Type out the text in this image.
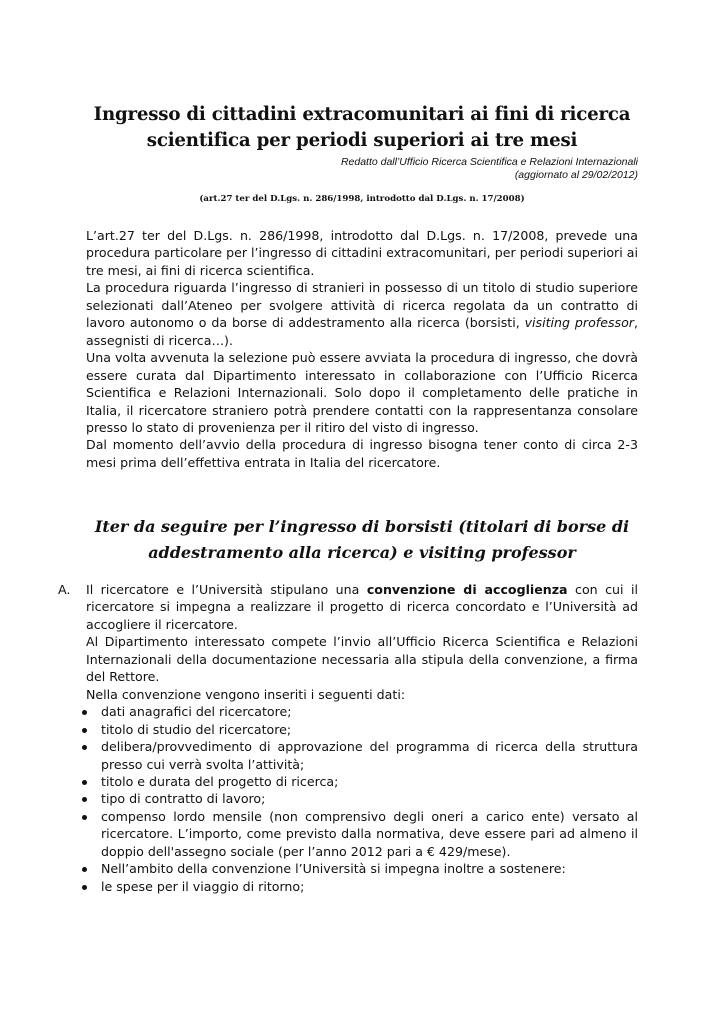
Ingresso di cittadini extracomunitari ai fini di ricerca
scientifica per periodi superiori ai tre mesi
Redatto dall’Ufficio Ricerca Scientifica e Relazioni Internazionali
(aggiornato al 29/02/2012)
(art.27 ter del D.Lgs. n. 286/1998, introdotto dal D.Lgs. n. 17/2008)

L’art.27 ter del D.Lgs. n. 286/1998, introdotto dal D.Lgs. n. 17/2008, prevede una procedura particolare per l’ingresso di cittadini extracomunitari, per periodi superiori ai tre mesi, ai fini di ricerca scientifica.

La procedura riguarda l’ingresso di stranieri in possesso di un titolo di studio superiore selezionati dall’Ateneo per svolgere attività di ricerca regolata da un contratto di lavoro autonomo o da borse di addestramento alla ricerca (borsisti, visiting professor, assegnisti di ricerca…).

Una volta avvenuta la selezione può essere avviata la procedura di ingresso, che dovrà essere curata dal Dipartimento interessato in collaborazione con l’Ufficio Ricerca Scientifica e Relazioni Internazionali. Solo dopo il completamento delle pratiche in Italia, il ricercatore straniero potrà prendere contatti con la rappresentanza consolare presso lo stato di provenienza per il ritiro del visto di ingresso.

Dal momento dell’avvio della procedura di ingresso bisogna tener conto di circa 2-3 mesi prima dell’effettiva entrata in Italia del ricercatore.

Iter da seguire per l’ingresso di borsisti (titolari di borse di
addestramento alla ricerca) e visiting professor
A.	Il ricercatore e l’Università stipulano una convenzione di accoglienza con cui il ricercatore si impegna a realizzare il progetto di ricerca concordato e l’Università ad accogliere il ricercatore.

Al Dipartimento interessato compete l’invio all’Ufficio Ricerca Scientifica e Relazioni Internazionali della documentazione necessaria alla stipula della convenzione, a firma del Rettore.

Nella convenzione vengono inseriti i seguenti dati:

dati anagrafici del ricercatore;
titolo di studio del ricercatore;
delibera/provvedimento di approvazione del programma di ricerca della struttura presso cui verrà svolta l’attività;
titolo e durata del progetto di ricerca;
tipo di contratto di lavoro;
compenso lordo mensile (non comprensivo degli oneri a carico ente) versato al ricercatore. L’importo, come previsto dalla normativa, deve essere pari ad almeno il doppio dell'assegno sociale (per l’anno 2012 pari a € 429/mese).
Nell’ambito della convenzione l’Università si impegna inoltre a sostenere:
le spese per il viaggio di ritorno;
